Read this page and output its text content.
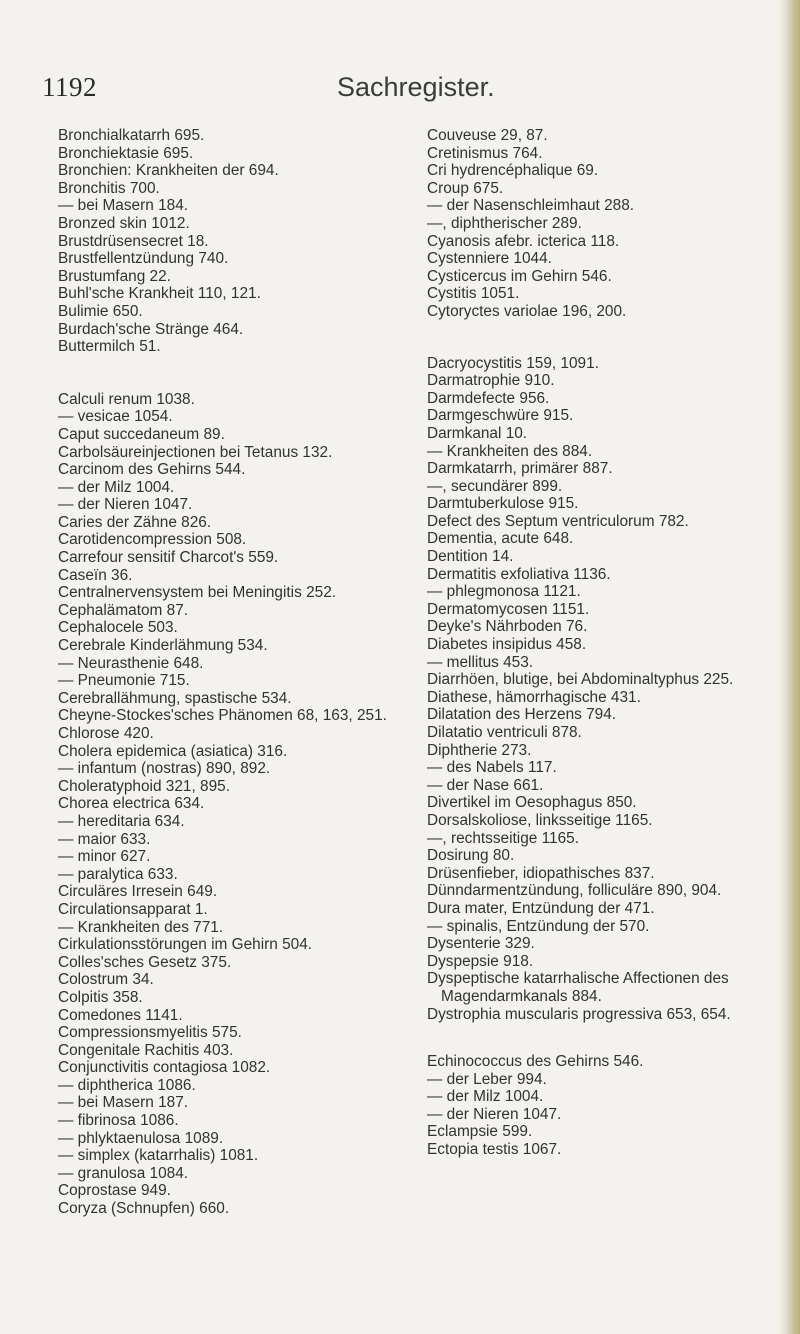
1192	Sachregister.
Bronchialkatarrh 695.
Bronchiektasie 695.
Bronchien: Krankheiten der 694.
Bronchitis 700.
— bei Masern 184.
Bronzed skin 1012.
Brustdrüsensecret 18.
Brustfellentzündung 740.
Brustumfang 22.
Buhl'sche Krankheit 110, 121.
Bulimie 650.
Burdach'sche Stränge 464.
Buttermilch 51.
Calculi renum 1038.
— vesicae 1054.
Caput succedaneum 89.
Carbolsäureinjectionen bei Tetanus 132.
Carcinom des Gehirns 544.
— der Milz 1004.
— der Nieren 1047.
Caries der Zähne 826.
Carotidencompression 508.
Carrefour sensitif Charcot's 559.
Caseïn 36.
Centralnervensystem bei Meningitis 252.
Cephalämatom 87.
Cephalocele 503.
Cerebrale Kinderlähmung 534.
— Neurasthenie 648.
— Pneumonie 715.
Cerebrallähmung, spastische 534.
Cheyne-Stockes'sches Phänomen 68, 163, 251.
Chlorose 420.
Cholera epidemica (asiatica) 316.
— infantum (nostras) 890, 892.
Choleratyphoid 321, 895.
Chorea electrica 634.
— hereditaria 634.
— maior 633.
— minor 627.
— paralytica 633.
Circuläres Irresein 649.
Circulationsapparat 1.
— Krankheiten des 771.
Cirkulationsstörungen im Gehirn 504.
Colles'sches Gesetz 375.
Colostrum 34.
Colpitis 358.
Comedones 1141.
Compressionsmyelitis 575.
Congenitale Rachitis 403.
Conjunctivitis contagiosa 1082.
— diphtherica 1086.
— bei Masern 187.
— fibrinosa 1086.
— phlyktaenulosa 1089.
— simplex (katarrhalis) 1081.
— granulosa 1084.
Coprostase 949.
Coryza (Schnupfen) 660.
Couveuse 29, 87.
Cretinismus 764.
Cri hydrencéphalique 69.
Croup 675.
— der Nasenschleimhaut 288.
—, diphtherischer 289.
Cyanosis afebr. icterica 118.
Cystenniere 1044.
Cysticercus im Gehirn 546.
Cystitis 1051.
Cytoryctes variolae 196, 200.
Dacryocystitis 159, 1091.
Darmatrophie 910.
Darmdefecte 956.
Darmgeschwüre 915.
Darmkanal 10.
— Krankheiten des 884.
Darmkatarrh, primärer 887.
—, secundärer 899.
Darmtuberkulose 915.
Defect des Septum ventriculorum 782.
Dementia, acute 648.
Dentition 14.
Dermatitis exfoliativa 1136.
— phlegmonosa 1121.
Dermatomycosen 1151.
Deyke's Nährboden 76.
Diabetes insipidus 458.
— mellitus 453.
Diarrhöen, blutige, bei Abdominaltyphus 225.
Diathese, hämorrhagische 431.
Dilatation des Herzens 794.
Dilatatio ventriculi 878.
Diphtherie 273.
— des Nabels 117.
— der Nase 661.
Divertikel im Oesophagus 850.
Dorsalskoliose, linksseitige 1165.
—, rechtsseitige 1165.
Dosirung 80.
Drüsenfieber, idiopathisches 837.
Dünndarmentzündung, folliculäre 890, 904.
Dura mater, Entzündung der 471.
— spinalis, Entzündung der 570.
Dysenterie 329.
Dyspepsie 918.
Dyspeptische katarrhalische Affectionen des Magendarmkanals 884.
Dystrophia muscularis progressiva 653, 654.
Echinococcus des Gehirns 546.
— der Leber 994.
— der Milz 1004.
— der Nieren 1047.
Eclampsie 599.
Ectopia testis 1067.
